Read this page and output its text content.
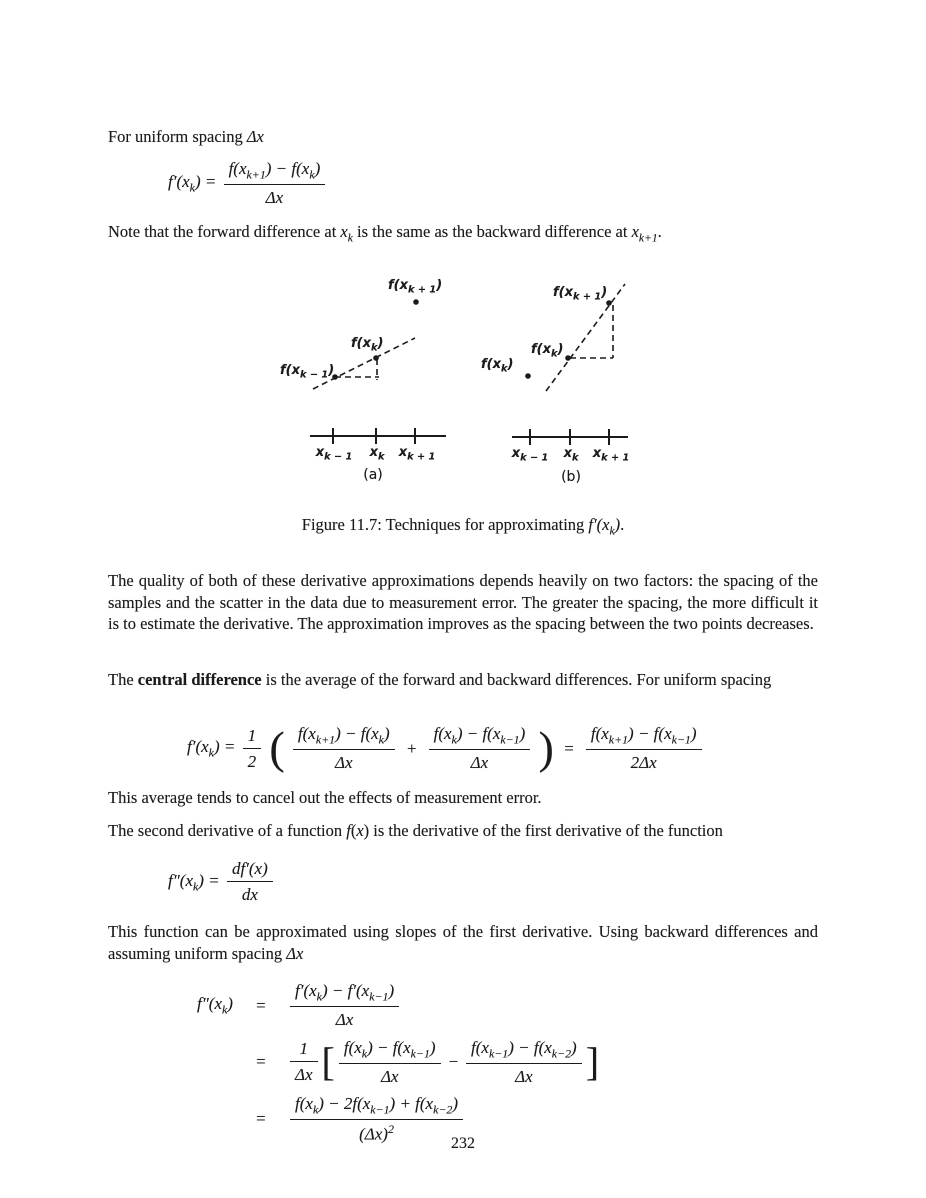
For uniform spacing Δx

$f'(x_k) = \frac{f(x_{k+1}) - f(x_k)}{\Delta x}$

Note that the forward difference at $x_k$ is the same as the backward difference at $x_{k+1}$.

$f(x_{k + 1})$
$f(x_k)$
$f(x_{k - 1})$
$x_{k - 1}$ $x_k$ $x_{k + 1}$
(a)
$f(x_{k + 1})$
$f(x_k)$
$f(x_k)$
$x_{k - 1}$ $x_k$ $x_{k + 1}$
(b)

Figure 11.7: Techniques for approximating $f'(x_k)$.

The quality of both of these derivative approximations depends heavily on two factors: the spacing of the samples and the scatter in the data due to measurement error. The greater the spacing, the more difficult it is to estimate the derivative. The approximation improves as the spacing between the two points decreases.

The central difference is the average of the forward and backward differences. For uniform spacing

$f'(x_k) = \frac{1}{2}$ ( $\frac{f(x_{k+1}) - f(x_k)}{\Delta x} + \frac{f(x_k) - f(x_{k-1})}{\Delta x}$ ) = $\frac{f(x_{k+1}) - f(x_{k-1})}{2\Delta x}$

This average tends to cancel out the effects of measurement error.

The second derivative of a function f(x) is the derivative of the first derivative of the function

$f''(x_k) = \frac{df'(x)}{dx}$

This function can be approximated using slopes of the first derivative. Using backward differences and assuming uniform spacing Δx

$f''(x_k)$	=	$\frac{f'(x_k) - f'(x_{k-1})}{\Delta x}$
=	$\frac{1}{\Delta x}$ [ $\frac{f(x_k) - f(x_{k-1})}{\Delta x} - \frac{f(x_{k-1}) - f(x_{k-2})}{\Delta x}$ ]
=	$\frac{f(x_k) - 2f(x_{k-1}) + f(x_{k-2})}{(\Delta x)^2}$

232
